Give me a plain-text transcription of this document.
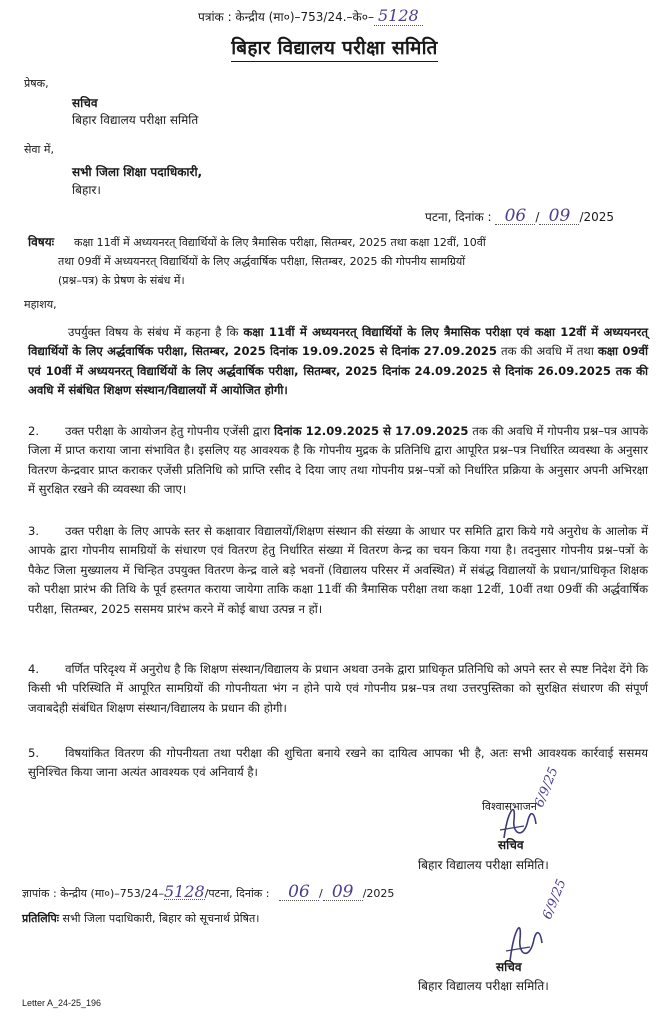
पत्रांक : केन्द्रीय (मा०)–753/24.–के०– 5128
बिहार विद्यालय परीक्षा समिति
प्रेषक,
सचिव
बिहार विद्यालय परीक्षा समिति
सेवा में,
सभी जिला शिक्षा पदाधिकारी,
बिहार।
पटना, दिनांक : 06 / 09 /2025
विषयः कक्षा 11वीं में अध्ययनरत् विद्यार्थियों के लिए त्रैमासिक परीक्षा, सितम्बर, 2025 तथा कक्षा 12वीं, 10वीं
तथा 09वीं में अध्ययनरत् विद्यार्थियों के लिए अर्द्धवार्षिक परीक्षा, सितम्बर, 2025 की गोपनीय सामग्रियों
(प्रश्न–पत्र) के प्रेषण के संबंध में।
महाशय,
उपर्युक्त विषय के संबंध में कहना है कि कक्षा 11वीं में अध्ययनरत् विद्यार्थियों के लिए त्रैमासिक परीक्षा एवं कक्षा 12वीं में अध्ययनरत् विद्यार्थियों के लिए अर्द्धवार्षिक परीक्षा, सितम्बर, 2025 दिनांक 19.09.2025 से दिनांक 27.09.2025 तक की अवधि में तथा कक्षा 09वीं एवं 10वीं में अध्ययनरत् विद्यार्थियों के लिए अर्द्धवार्षिक परीक्षा, सितम्बर, 2025 दिनांक 24.09.2025 से दिनांक 26.09.2025 तक की अवधि में संबंधित शिक्षण संस्थान/विद्यालयों में आयोजित होगी।
2. उक्त परीक्षा के आयोजन हेतु गोपनीय एजेंसी द्वारा दिनांक 12.09.2025 से 17.09.2025 तक की अवधि में गोपनीय प्रश्न–पत्र आपके जिला में प्राप्त कराया जाना संभावित है। इसलिए यह आवश्यक है कि गोपनीय मुद्रक के प्रतिनिधि द्वारा आपूरित प्रश्न–पत्र निर्धारित व्यवस्था के अनुसार वितरण केन्द्रवार प्राप्त कराकर एजेंसी प्रतिनिधि को प्राप्ति रसीद दे दिया जाए तथा गोपनीय प्रश्न–पत्रों को निर्धारित प्रक्रिया के अनुसार अपनी अभिरक्षा में सुरक्षित रखने की व्यवस्था की जाए।
3. उक्त परीक्षा के लिए आपके स्तर से कक्षावार विद्यालयों/शिक्षण संस्थान की संख्या के आधार पर समिति द्वारा किये गये अनुरोध के आलोक में आपके द्वारा गोपनीय सामग्रियों के संधारण एवं वितरण हेतु निर्धारित संख्या में वितरण केन्द्र का चयन किया गया है। तदनुसार गोपनीय प्रश्न–पत्रों के पैकेट जिला मुख्यालय में चिन्हित उपयुक्त वितरण केन्द्र वाले बड़े भवनों (विद्यालय परिसर में अवस्थित) में संबंद्ध विद्यालयों के प्रधान/प्राधिकृत शिक्षक को परीक्षा प्रारंभ की तिथि के पूर्व हस्तगत कराया जायेगा ताकि कक्षा 11वीं की त्रैमासिक परीक्षा तथा कक्षा 12वीं, 10वीं तथा 09वीं की अर्द्धवार्षिक परीक्षा, सितम्बर, 2025 ससमय प्रारंभ करने में कोई बाधा उत्पन्न न हों।
4. वर्णित परिदृश्य में अनुरोध है कि शिक्षण संस्थान/विद्यालय के प्रधान अथवा उनके द्वारा प्राधिकृत प्रतिनिधि को अपने स्तर से स्पष्ट निदेश देंगे कि किसी भी परिस्थिति में आपूरित सामग्रियों की गोपनीयता भंग न होने पाये एवं गोपनीय प्रश्न–पत्र तथा उत्तरपुस्तिका को सुरक्षित संधारण की संपूर्ण जवाबदेही संबंधित शिक्षण संस्थान/विद्यालय के प्रधान की होगी।
5. विषयांकित वितरण की गोपनीयता तथा परीक्षा की शुचिता बनाये रखने का दायित्व आपका भी है, अतः सभी आवश्यक कार्रवाई ससमय सुनिश्चित किया जाना अत्यंत आवश्यक एवं अनिवार्य है।
विश्वासभाजन
6/9/25
सचिव
बिहार विद्यालय परीक्षा समिति।
ज्ञापांक : केन्द्रीय (मा०)–753/24–5128/पटना, दिनांक : 06 / 09 /2025
प्रतिलिपिः सभी जिला पदाधिकारी, बिहार को सूचनार्थ प्रेषित।	6/9/25
सचिव
बिहार विद्यालय परीक्षा समिति।
Letter A_24-25_196
